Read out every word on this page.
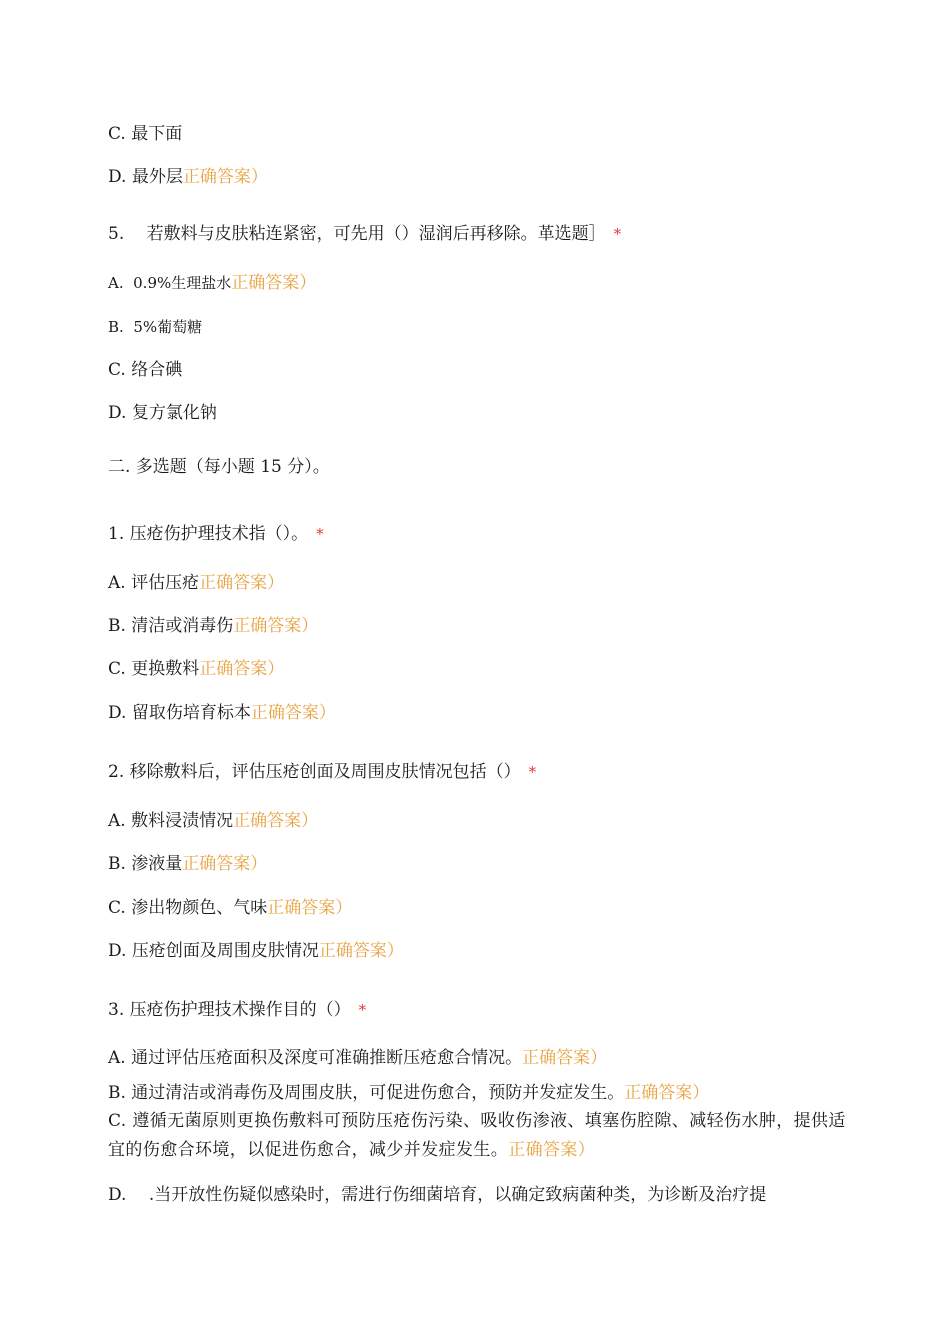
C. 最下面
D. 最外层正确答案）
5.　 若敷料与皮肤粘连紧密，可先用（）湿润后再移除。革选题］ *
A.  0.9%生理盐水正确答案）
B.  5%葡萄糖
C. 络合碘
D. 复方氯化钠
二. 多选题（每小题 15 分）。
1. 压疮伤护理技术指（）。 *
A. 评估压疮正确答案）
B. 清洁或消毒伤正确答案）
C. 更换敷料正确答案）
D. 留取伤培育标本正确答案）
2. 移除敷料后，评估压疮创面及周围皮肤情况包括（） *
A. 敷料浸渍情况正确答案）
B. 渗液量正确答案）
C. 渗出物颜色、气味正确答案）
D. 压疮创面及周围皮肤情况正确答案）
3. 压疮伤护理技术操作目的（） *
A. 通过评估压疮面积及深度可准确推断压疮愈合情况。正确答案）
B. 通过清洁或消毒伤及周围皮肤，可促进伤愈合，预防并发症发生。正确答案）
C. 遵循无菌原则更换伤敷料可预防压疮伤污染、吸收伤渗液、填塞伤腔隙、减轻伤水肿，提供适宜的伤愈合环境，以促进伤愈合，减少并发症发生。正确答案）
D.　 .当开放性伤疑似感染时，需进行伤细菌培育，以确定致病菌种类，为诊断及治疗提
